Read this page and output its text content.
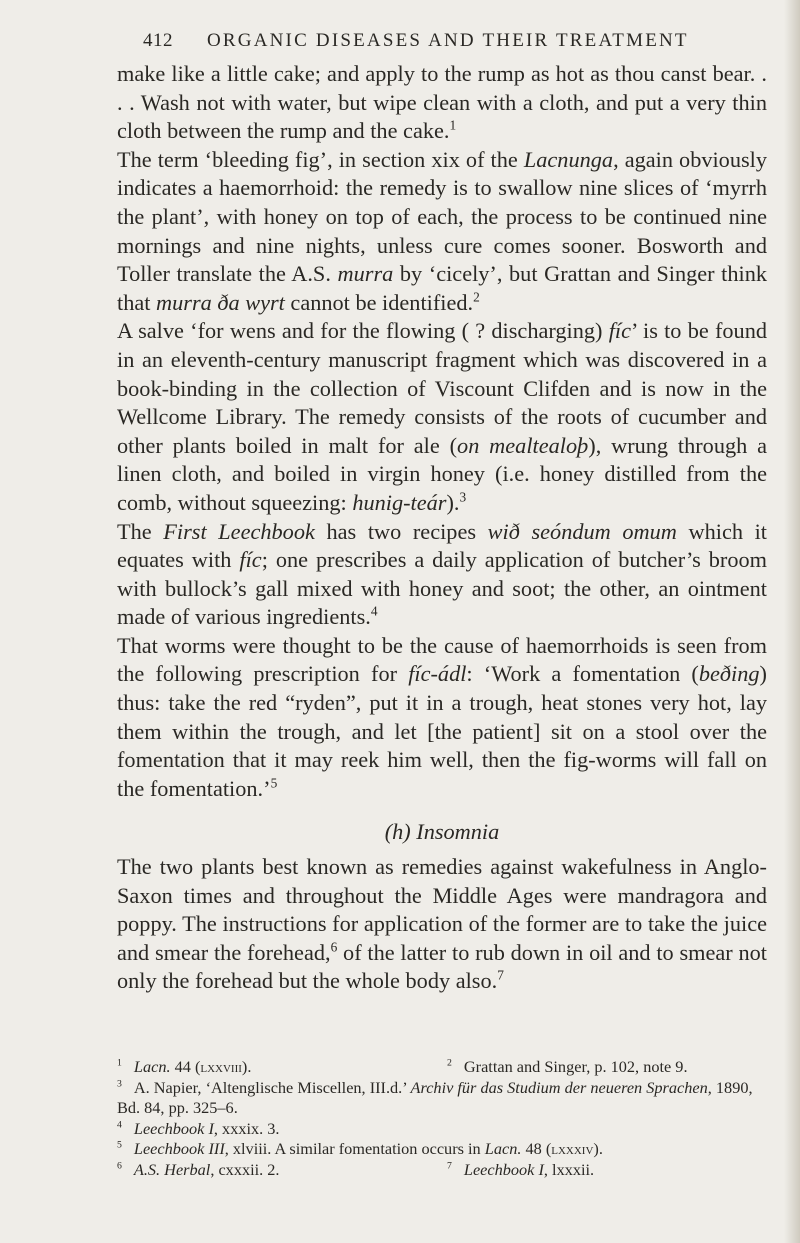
412 ORGANIC DISEASES AND THEIR TREATMENT

make like a little cake; and apply to the rump as hot as thou canst bear. . . . Wash not with water, but wipe clean with a cloth, and put a very thin cloth between the rump and the cake.$^1$

The term ‘bleeding fig’, in section xix of the Lacnunga, again obviously indicates a haemorrhoid: the remedy is to swallow nine slices of ‘myrrh the plant’, with honey on top of each, the process to be continued nine mornings and nine nights, unless cure comes sooner. Bosworth and Toller translate the A.S. murra by ‘cicely’, but Grattan and Singer think that murra ða wyrt cannot be identified.$^2$

A salve ‘for wens and for the flowing ( ? discharging) fíc’ is to be found in an eleventh-century manuscript fragment which was discovered in a book-binding in the collection of Viscount Clifden and is now in the Wellcome Library. The remedy consists of the roots of cucumber and other plants boiled in malt for ale (on mealtealoþ), wrung through a linen cloth, and boiled in virgin honey (i.e. honey distilled from the comb, without squeezing: hunig-teár).$^3$

The First Leechbook has two recipes wið seóndum omum which it equates with fíc; one prescribes a daily application of butcher’s broom with bullock’s gall mixed with honey and soot; the other, an ointment made of various ingredients.$^4$

That worms were thought to be the cause of haemorrhoids is seen from the following prescription for fíc-ádl: ‘Work a fomentation (beðing) thus: take the red “ryden”, put it in a trough, heat stones very hot, lay them within the trough, and let [the patient] sit on a stool over the fomentation that it may reek him well, then the fig-worms will fall on the fomentation.’$^5$

(h) Insomnia

The two plants best known as remedies against wakefulness in Anglo-Saxon times and throughout the Middle Ages were mandragora and poppy. The instructions for application of the former are to take the juice and smear the forehead,$^6$ of the latter to rub down in oil and to smear not only the forehead but the whole body also.$^7$

$^1$ Lacn. 44 (lxxviii).	$^2$ Grattan and Singer, p. 102, note 9.
$^3$ A. Napier, ‘Altenglische Miscellen, III.d.’ Archiv für das Studium der neueren Sprachen, 1890, Bd. 84, pp. 325–6.
$^4$ Leechbook I, xxxix. 3.
$^5$ Leechbook III, xlviii. A similar fomentation occurs in Lacn. 48 (lxxxiv).
$^6$ A.S. Herbal, cxxxii. 2.	$^7$ Leechbook I, lxxxii.
